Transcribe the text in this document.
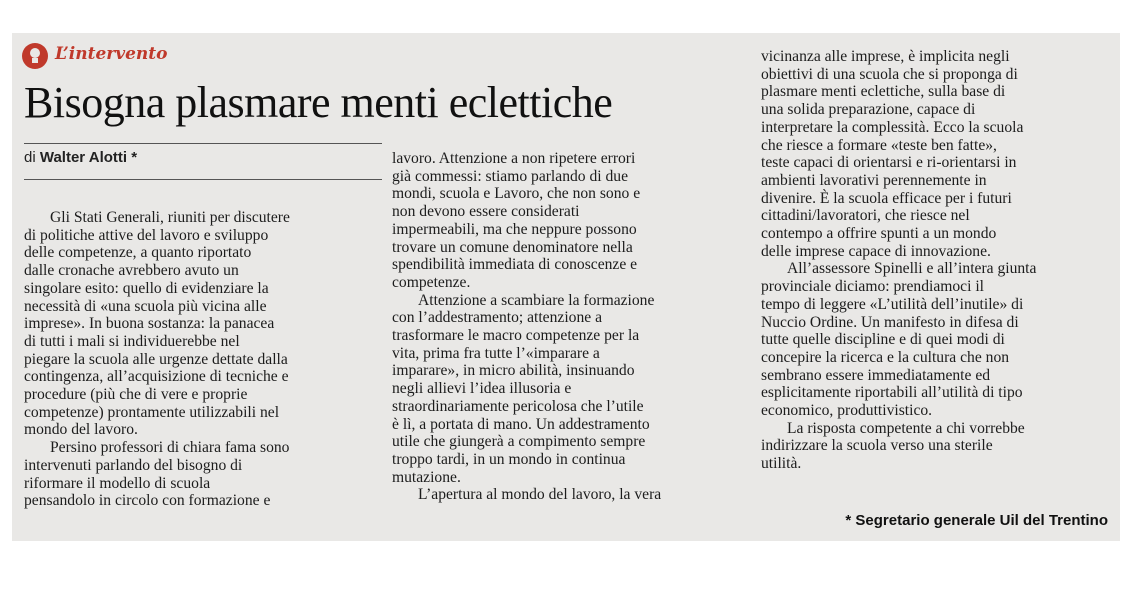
L’intervento
Bisogna plasmare menti eclettiche
di Walter Alotti *

Gli Stati Generali, riuniti per discutere

di politiche attive del lavoro e sviluppo

delle competenze, a quanto riportato

dalle cronache avrebbero avuto un

singolare esito: quello di evidenziare la

necessità di «una scuola più vicina alle

imprese». In buona sostanza: la panacea

di tutti i mali si individuerebbe nel

piegare la scuola alle urgenze dettate dalla

contingenza, all’acquisizione di tecniche e

procedure (più che di vere e proprie

competenze) prontamente utilizzabili nel

mondo del lavoro.

Persino professori di chiara fama sono

intervenuti parlando del bisogno di

riformare il modello di scuola

pensandolo in circolo con formazione e

lavoro. Attenzione a non ripetere errori

già commessi: stiamo parlando di due

mondi, scuola e Lavoro, che non sono e

non devono essere considerati

impermeabili, ma che neppure possono

trovare un comune denominatore nella

spendibilità immediata di conoscenze e

competenze.

Attenzione a scambiare la formazione

con l’addestramento; attenzione a

trasformare le macro competenze per la

vita, prima fra tutte l’«imparare a

imparare», in micro abilità, insinuando

negli allievi l’idea illusoria e

straordinariamente pericolosa che l’utile

è lì, a portata di mano. Un addestramento

utile che giungerà a compimento sempre

troppo tardi, in un mondo in continua

mutazione.

L’apertura al mondo del lavoro, la vera

vicinanza alle imprese, è implicita negli

obiettivi di una scuola che si proponga di

plasmare menti eclettiche, sulla base di

una solida preparazione, capace di

interpretare la complessità. Ecco la scuola

che riesce a formare «teste ben fatte»,

teste capaci di orientarsi e ri-orientarsi in

ambienti lavorativi perennemente in

divenire. È la scuola efficace per i futuri

cittadini/lavoratori, che riesce nel

contempo a offrire spunti a un mondo

delle imprese capace di innovazione.

All’assessore Spinelli e all’intera giunta

provinciale diciamo: prendiamoci il

tempo di leggere «L’utilità dell’inutile» di

Nuccio Ordine. Un manifesto in difesa di

tutte quelle discipline e di quei modi di

concepire la ricerca e la cultura che non

sembrano essere immediatamente ed

esplicitamente riportabili all’utilità di tipo

economico, produttivistico.

La risposta competente a chi vorrebbe

indirizzare la scuola verso una sterile

utilità.

* Segretario generale Uil del Trentino
